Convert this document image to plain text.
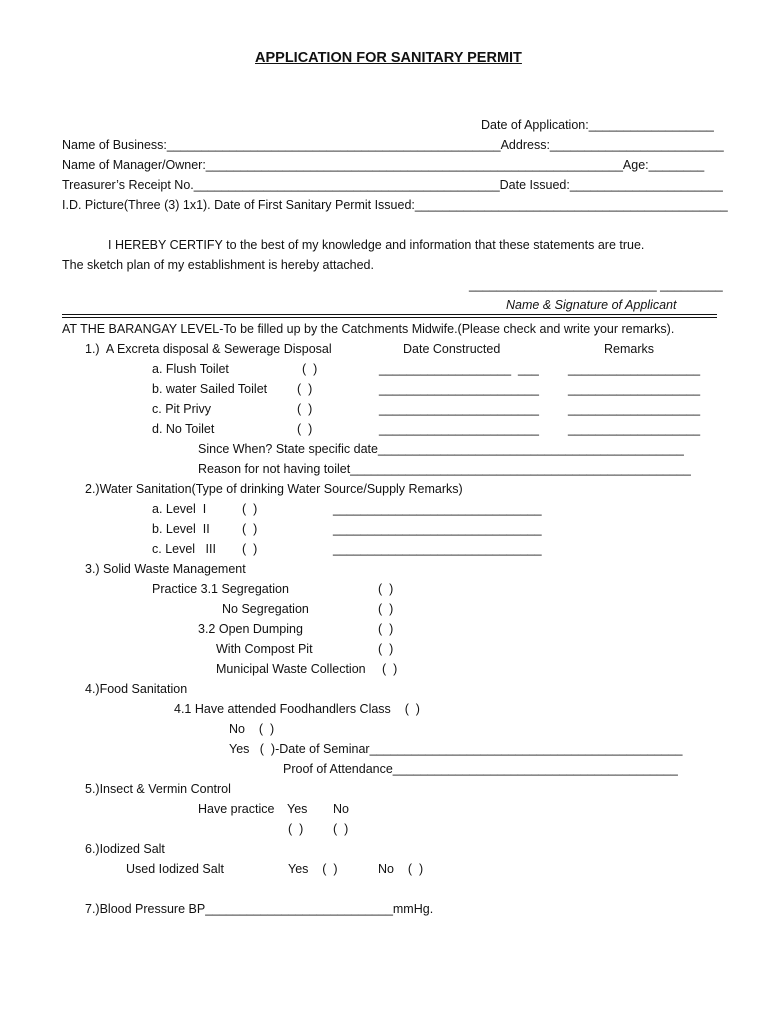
APPLICATION FOR SANITARY PERMIT
Date of Application:__________________
Name of Business:________________________________________________Address:_________________________
Name of Manager/Owner:____________________________________________________________Age:________
Treasurer’s Receipt No.____________________________________________Date Issued:______________________
I.D. Picture(Three (3) 1x1). Date of First Sanitary Permit Issued:_____________________________________________
I HEREBY CERTIFY to the best of my knowledge and information that these statements are true.
The sketch plan of my establishment is hereby attached.
___________________________ _________
Name & Signature of Applicant
AT THE BARANGAY LEVEL-To be filled up by the Catchments Midwife.(Please check and write your remarks).
1.)  A Excreta disposal & Sewerage Disposal	Date Constructed	Remarks
a. Flush Toilet	(  )	___________________  ___ ___________________
b. water Sailed Toilet (  )	_______________________ ___________________
c. Pit Privy	(  )	_______________________ ___________________
d. No Toilet	(  )	_______________________ ___________________
Since When? State specific date____________________________________________
Reason for not having toilet_________________________________________________
2.)Water Sanitation(Type of drinking Water Source/Supply Remarks)
a. Level  I	(  )	______________________________
b. Level  II	(  )	______________________________
c. Level   III (  )	______________________________
3.) Solid Waste Management
Practice 3.1 Segregation	(  )
No Segregation	(  )
3.2 Open Dumping	(  )
With Compost Pit	(  )
Municipal Waste Collection (  )
4.)Food Sanitation
4.1 Have attended Foodhandlers Class    (  )
No    (  )
Yes   (  )-Date of Seminar_____________________________________________
Proof of Attendance_________________________________________
5.)Insect & Vermin Control
Have practice Yes No
(  ) (  )
6.)Iodized Salt
Used Iodized Salt	Yes    (  )	No    (  )
7.)Blood Pressure BP___________________________mmHg.
